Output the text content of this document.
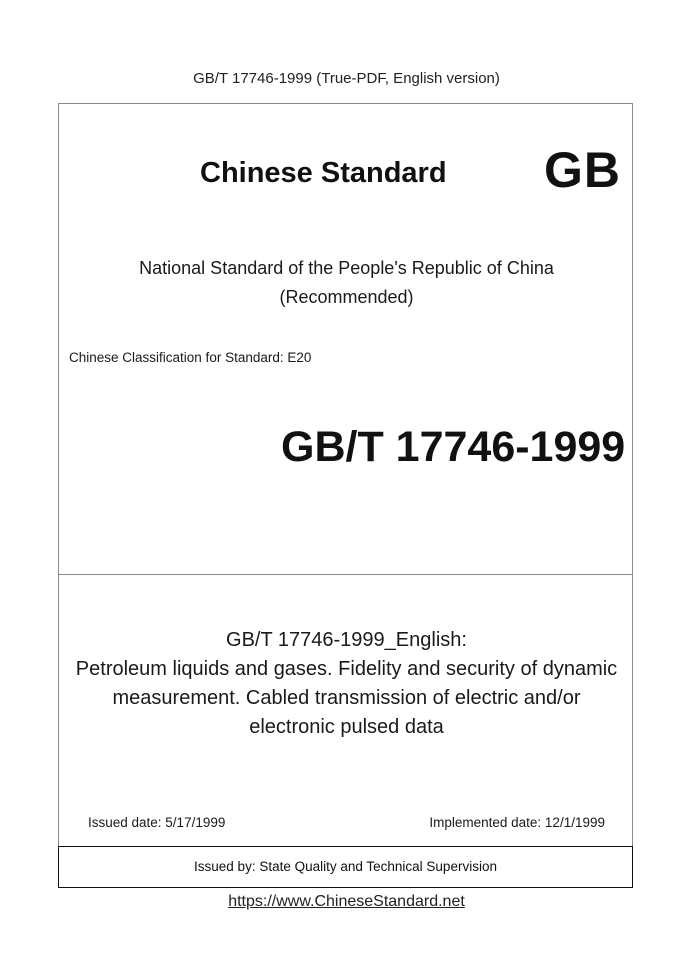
GB/T 17746-1999 (True-PDF, English version)
Issued by: State Quality and Technical Supervision
Chinese Standard GB
National Standard of the People's Republic of China
(Recommended)
Chinese Classification for Standard: E20
GB/T 17746-1999
GB/T 17746-1999_English:
Petroleum liquids and gases. Fidelity and security of dynamic
measurement. Cabled transmission of electric and/or
electronic pulsed data
Issued date: 5/17/1999	Implemented date: 12/1/1999
https://www.ChineseStandard.net
